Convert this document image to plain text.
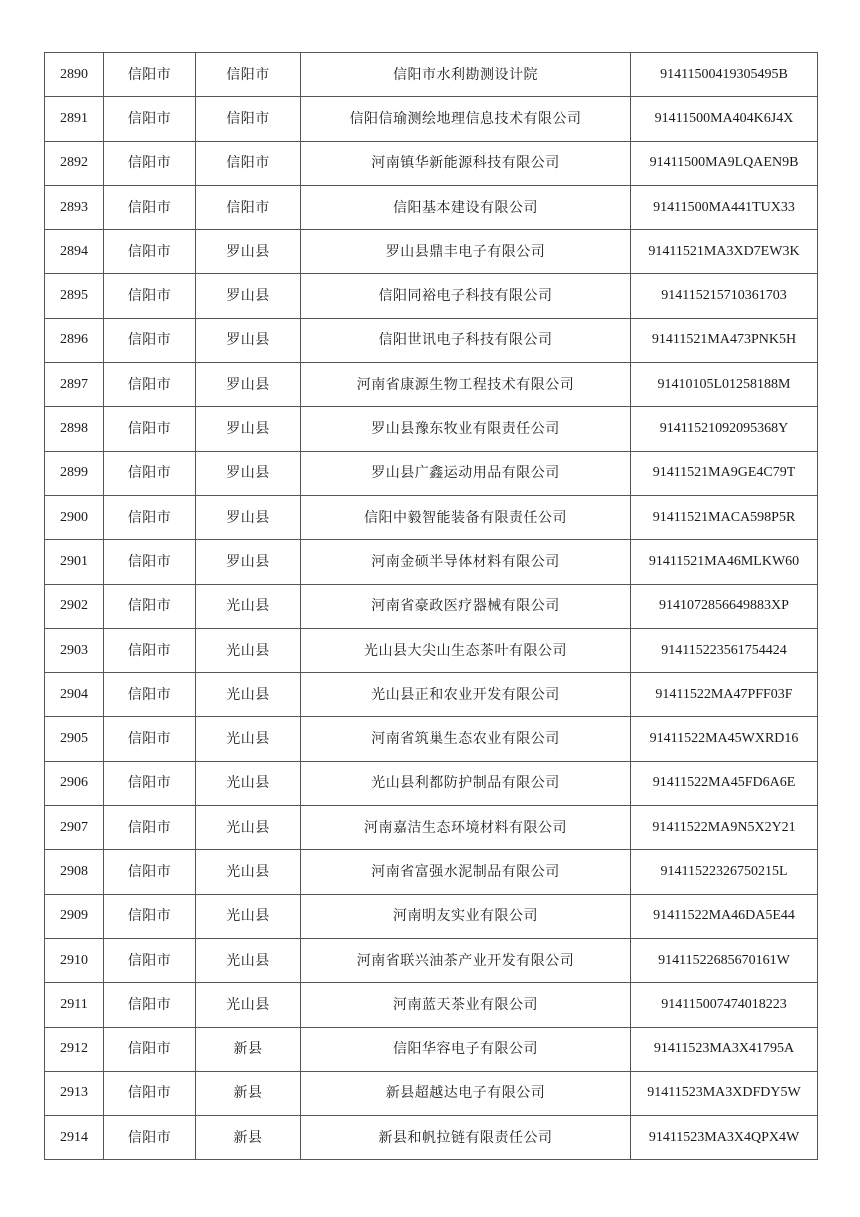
2890	信阳市	信阳市	信阳市水利勘测设计院	91411500419305495B
2891	信阳市	信阳市	信阳信瑜测绘地理信息技术有限公司	91411500MA404K6J4X
2892	信阳市	信阳市	河南镇华新能源科技有限公司	91411500MA9LQAEN9B
2893	信阳市	信阳市	信阳基本建设有限公司	91411500MA441TUX33
2894	信阳市	罗山县	罗山县鼎丰电子有限公司	91411521MA3XD7EW3K
2895	信阳市	罗山县	信阳同裕电子科技有限公司	914115215710361703
2896	信阳市	罗山县	信阳世讯电子科技有限公司	91411521MA473PNK5H
2897	信阳市	罗山县	河南省康源生物工程技术有限公司	91410105L01258188M
2898	信阳市	罗山县	罗山县豫东牧业有限责任公司	91411521092095368Y
2899	信阳市	罗山县	罗山县广鑫运动用品有限公司	91411521MA9GE4C79T
2900	信阳市	罗山县	信阳中毅智能装备有限责任公司	91411521MACA598P5R
2901	信阳市	罗山县	河南金硕半导体材料有限公司	91411521MA46MLKW60
2902	信阳市	光山县	河南省豪政医疗器械有限公司	9141072856649883XP
2903	信阳市	光山县	光山县大尖山生态茶叶有限公司	914115223561754424
2904	信阳市	光山县	光山县正和农业开发有限公司	91411522MA47PFF03F
2905	信阳市	光山县	河南省筑巢生态农业有限公司	91411522MA45WXRD16
2906	信阳市	光山县	光山县利都防护制品有限公司	91411522MA45FD6A6E
2907	信阳市	光山县	河南嘉洁生态环境材料有限公司	91411522MA9N5X2Y21
2908	信阳市	光山县	河南省富强水泥制品有限公司	91411522326750215L
2909	信阳市	光山县	河南明友实业有限公司	91411522MA46DA5E44
2910	信阳市	光山县	河南省联兴油茶产业开发有限公司	91411522685670161W
2911	信阳市	光山县	河南蓝天茶业有限公司	914115007474018223
2912	信阳市	新县	信阳华容电子有限公司	91411523MA3X41795A
2913	信阳市	新县	新县超越达电子有限公司	91411523MA3XDFDY5W
2914	信阳市	新县	新县和帆拉链有限责任公司	91411523MA3X4QPX4W
